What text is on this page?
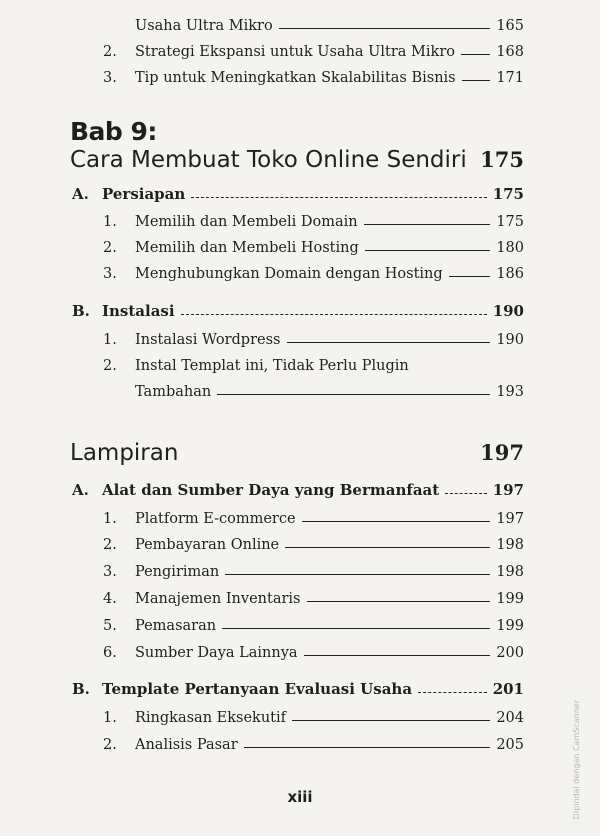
Usaha Ultra Mikro	165
2.	Strategi Ekspansi untuk Usaha Ultra Mikro	168
3.	Tip untuk Meningkatkan Skalabilitas Bisnis	171
Bab 9:
Cara Membuat Toko Online Sendiri 175
A. Persiapan	175
1.	Memilih dan Membeli Domain	175
2.	Memilih dan Membeli Hosting	180
3.	Menghubungkan Domain dengan Hosting	186
B. Instalasi	190
1.	Instalasi Wordpress	190
2.	Instal Templat ini, Tidak Perlu Plugin
Tambahan	193
Lampiran	197
A. Alat dan Sumber Daya yang Bermanfaat	197
1.	Platform E-commerce	197
2.	Pembayaran Online	198
3.	Pengiriman	198
4.	Manajemen Inventaris	199
5.	Pemasaran	199
6.	Sumber Daya Lainnya	200
B. Template Pertanyaan Evaluasi Usaha	201
1.	Ringkasan Eksekutif	204
2.	Analisis Pasar	205
xiii	Dipindai dengan CamScanner
